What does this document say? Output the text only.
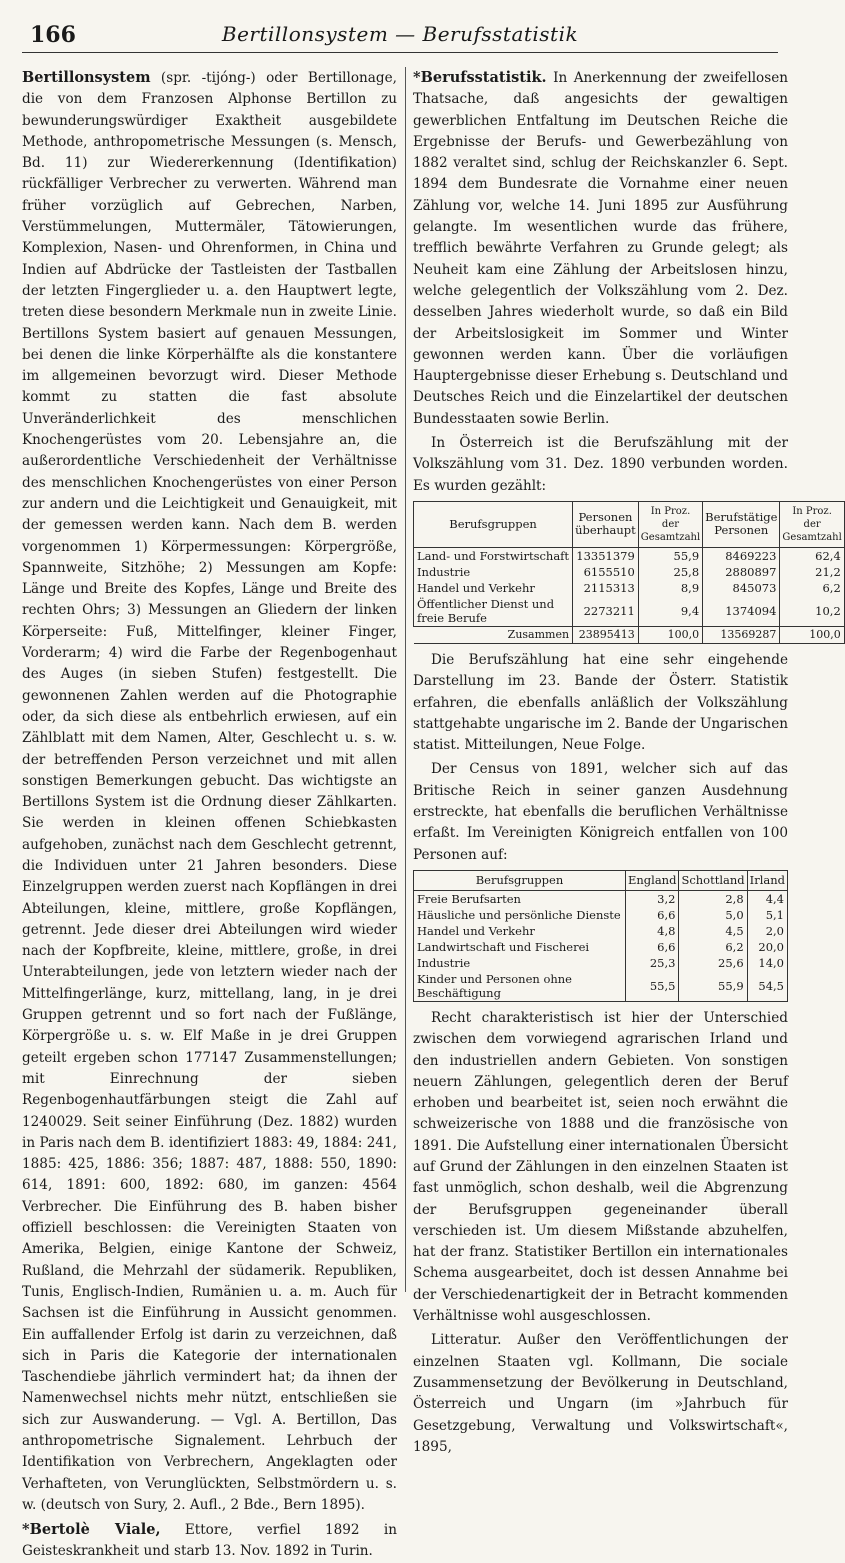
166	Bertillonsystem — Berufsstatistik

Bertillonsystem (spr. -tijóng-) oder Bertillonage, die von dem Franzosen Alphonse Bertillon zu bewunderungswürdiger Exaktheit ausgebildete Methode, anthropometrische Messungen (s. Mensch, Bd. 11) zur Wiedererkennung (Identifikation) rückfälliger Verbrecher zu verwerten. Während man früher vorzüglich auf Gebrechen, Narben, Verstümmelungen, Muttermäler, Tätowierungen, Komplexion, Nasen- und Ohrenformen, in China und Indien auf Abdrücke der Tastleisten der Tastballen der letzten Fingerglieder u. a. den Hauptwert legte, treten diese besondern Merkmale nun in zweite Linie. Bertillons System basiert auf genauen Messungen, bei denen die linke Körperhälfte als die konstantere im allgemeinen bevorzugt wird. Dieser Methode kommt zu statten die fast absolute Unveränderlichkeit des menschlichen Knochengerüstes vom 20. Lebensjahre an, die außerordentliche Verschiedenheit der Verhältnisse des menschlichen Knochengerüstes von einer Person zur andern und die Leichtigkeit und Genauigkeit, mit der gemessen werden kann. Nach dem B. werden vorgenommen 1) Körpermessungen: Körpergröße, Spannweite, Sitzhöhe; 2) Messungen am Kopfe: Länge und Breite des Kopfes, Länge und Breite des rechten Ohrs; 3) Messungen an Gliedern der linken Körperseite: Fuß, Mittelfinger, kleiner Finger, Vorderarm; 4) wird die Farbe der Regenbogenhaut des Auges (in sieben Stufen) festgestellt. Die gewonnenen Zahlen werden auf die Photographie oder, da sich diese als entbehrlich erwiesen, auf ein Zählblatt mit dem Namen, Alter, Geschlecht u. s. w. der betreffenden Person verzeichnet und mit allen sonstigen Bemerkungen gebucht. Das wichtigste an Bertillons System ist die Ordnung dieser Zählkarten. Sie werden in kleinen offenen Schiebkasten aufgehoben, zunächst nach dem Geschlecht getrennt, die Individuen unter 21 Jahren besonders. Diese Einzelgruppen werden zuerst nach Kopflängen in drei Abteilungen, kleine, mittlere, große Kopflängen, getrennt. Jede dieser drei Abteilungen wird wieder nach der Kopfbreite, kleine, mittlere, große, in drei Unterabteilungen, jede von letztern wieder nach der Mittelfingerlänge, kurz, mittellang, lang, in je drei Gruppen getrennt und so fort nach der Fußlänge, Körpergröße u. s. w. Elf Maße in je drei Gruppen geteilt ergeben schon 177147 Zusammenstellungen; mit Einrechnung der sieben Regenbogenhautfärbungen steigt die Zahl auf 1240029. Seit seiner Einführung (Dez. 1882) wurden in Paris nach dem B. identifiziert 1883: 49, 1884: 241, 1885: 425, 1886: 356; 1887: 487, 1888: 550, 1890: 614, 1891: 600, 1892: 680, im ganzen: 4564 Verbrecher. Die Einführung des B. haben bisher offiziell beschlossen: die Vereinigten Staaten von Amerika, Belgien, einige Kantone der Schweiz, Rußland, die Mehrzahl der südamerik. Republiken, Tunis, Englisch-Indien, Rumänien u. a. m. Auch für Sachsen ist die Einführung in Aussicht genommen. Ein auffallender Erfolg ist darin zu verzeichnen, daß sich in Paris die Kategorie der internationalen Taschendiebe jährlich vermindert hat; da ihnen der Namenwechsel nichts mehr nützt, entschließen sie sich zur Auswanderung. — Vgl. A. Bertillon, Das anthropometrische Signalement. Lehrbuch der Identifikation von Verbrechern, Angeklagten oder Verhafteten, von Verunglückten, Selbstmördern u. s. w. (deutsch von Sury, 2. Aufl., 2 Bde., Bern 1895).

*Bertolè Viale, Ettore, verfiel 1892 in Geisteskrankheit und starb 13. Nov. 1892 in Turin.

*Berufsstatistik. In Anerkennung der zweifellosen Thatsache, daß angesichts der gewaltigen gewerblichen Entfaltung im Deutschen Reiche die Ergebnisse der Berufs- und Gewerbezählung von 1882 veraltet sind, schlug der Reichskanzler 6. Sept. 1894 dem Bundesrate die Vornahme einer neuen Zählung vor, welche 14. Juni 1895 zur Ausführung gelangte. Im wesentlichen wurde das frühere, trefflich bewährte Verfahren zu Grunde gelegt; als Neuheit kam eine Zählung der Arbeitslosen hinzu, welche gelegentlich der Volkszählung vom 2. Dez. desselben Jahres wiederholt wurde, so daß ein Bild der Arbeitslosigkeit im Sommer und Winter gewonnen werden kann. Über die vorläufigen Hauptergebnisse dieser Erhebung s. Deutschland und Deutsches Reich und die Einzelartikel der deutschen Bundesstaaten sowie Berlin.

In Österreich ist die Berufszählung mit der Volkszählung vom 31. Dez. 1890 verbunden worden. Es wurden gezählt:

Berufsgruppen	Personen überhaupt	In Proz. der Gesamtzahl	Berufstätige Personen	In Proz. der Gesamtzahl
Land- und Forstwirtschaft	13351379	55,9	8469223	62,4
Industrie	6155510	25,8	2880897	21,2
Handel und Verkehr	2115313	8,9	845073	6,2
Öffentlicher Dienst und freie Berufe	2273211	9,4	1374094	10,2
Zusammen	23895413	100,0	13569287	100,0

Die Berufszählung hat eine sehr eingehende Darstellung im 23. Bande der Österr. Statistik erfahren, die ebenfalls anläßlich der Volkszählung stattgehabte ungarische im 2. Bande der Ungarischen statist. Mitteilungen, Neue Folge.

Der Census von 1891, welcher sich auf das Britische Reich in seiner ganzen Ausdehnung erstreckte, hat ebenfalls die beruflichen Verhältnisse erfaßt. Im Vereinigten Königreich entfallen von 100 Personen auf:

Berufsgruppen	England	Schottland	Irland
Freie Berufsarten	3,2	2,8	4,4
Häusliche und persönliche Dienste	6,6	5,0	5,1
Handel und Verkehr	4,8	4,5	2,0
Landwirtschaft und Fischerei	6,6	6,2	20,0
Industrie	25,3	25,6	14,0
Kinder und Personen ohne Beschäftigung	55,5	55,9	54,5

Recht charakteristisch ist hier der Unterschied zwischen dem vorwiegend agrarischen Irland und den industriellen andern Gebieten. Von sonstigen neuern Zählungen, gelegentlich deren der Beruf erhoben und bearbeitet ist, seien noch erwähnt die schweizerische von 1888 und die französische von 1891. Die Aufstellung einer internationalen Übersicht auf Grund der Zählungen in den einzelnen Staaten ist fast unmöglich, schon deshalb, weil die Abgrenzung der Berufsgruppen gegeneinander überall verschieden ist. Um diesem Mißstande abzuhelfen, hat der franz. Statistiker Bertillon ein internationales Schema ausgearbeitet, doch ist dessen Annahme bei der Verschiedenartigkeit der in Betracht kommenden Verhältnisse wohl ausgeschlossen.

Litteratur. Außer den Veröffentlichungen der einzelnen Staaten vgl. Kollmann, Die sociale Zusammensetzung der Bevölkerung in Deutschland, Österreich und Ungarn (im »Jahrbuch für Gesetzgebung, Verwaltung und Volkswirtschaft«, 1895,
